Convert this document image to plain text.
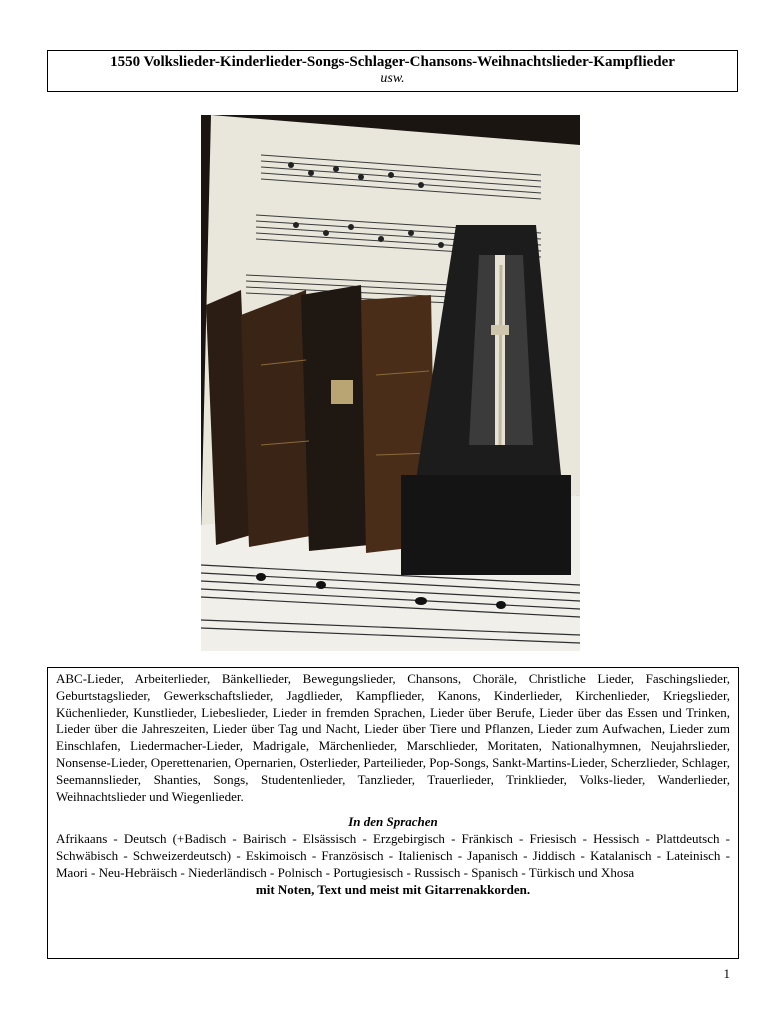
1550 Volkslieder-Kinderlieder-Songs-Schlager-Chansons-Weihnachtslieder-Kampflieder
usw.

ABC-Lieder, Arbeiterlieder, Bänkellieder, Bewegungslieder, Chansons, Choräle, Christliche Lieder, Faschingslieder, Geburtstagslieder, Gewerkschaftslieder, Jagdlieder, Kampflieder, Kanons, Kinderlieder, Kirchenlieder, Kriegslieder, Küchenlieder, Kunstlieder, Liebeslieder, Lieder in fremden Sprachen, Lieder über Berufe, Lieder über das Essen und Trinken, Lieder über die Jahreszeiten, Lieder über Tag und Nacht, Lieder über Tiere und Pflanzen, Lieder zum Aufwachen, Lieder zum Einschlafen, Liedermacher-Lieder, Madrigale, Märchenlieder, Marschlieder, Moritaten, Nationalhymnen, Neujahrslieder, Nonsense-Lieder, Operettenarien, Opernarien, Osterlieder, Parteilieder, Pop-Songs, Sankt-Martins-Lieder, Scherzlieder, Schlager, Seemannslieder, Shanties, Songs, Studentenlieder, Tanzlieder, Trauerlieder, Trinklieder, Volks-lieder, Wanderlieder, Weihnachtslieder und Wiegenlieder.

In den Sprachen

Afrikaans - Deutsch (+Badisch - Bairisch - Elsässisch - Erzgebirgisch - Fränkisch - Friesisch - Hessisch - Plattdeutsch - Schwäbisch - Schweizerdeutsch) - Eskimoisch - Französisch - Italienisch - Japanisch - Jiddisch - Katalanisch - Lateinisch - Maori - Neu-Hebräisch - Niederländisch - Polnisch - Portugiesisch - Russisch - Spanisch - Türkisch und Xhosa

mit Noten, Text und meist mit Gitarrenakkorden.

1
